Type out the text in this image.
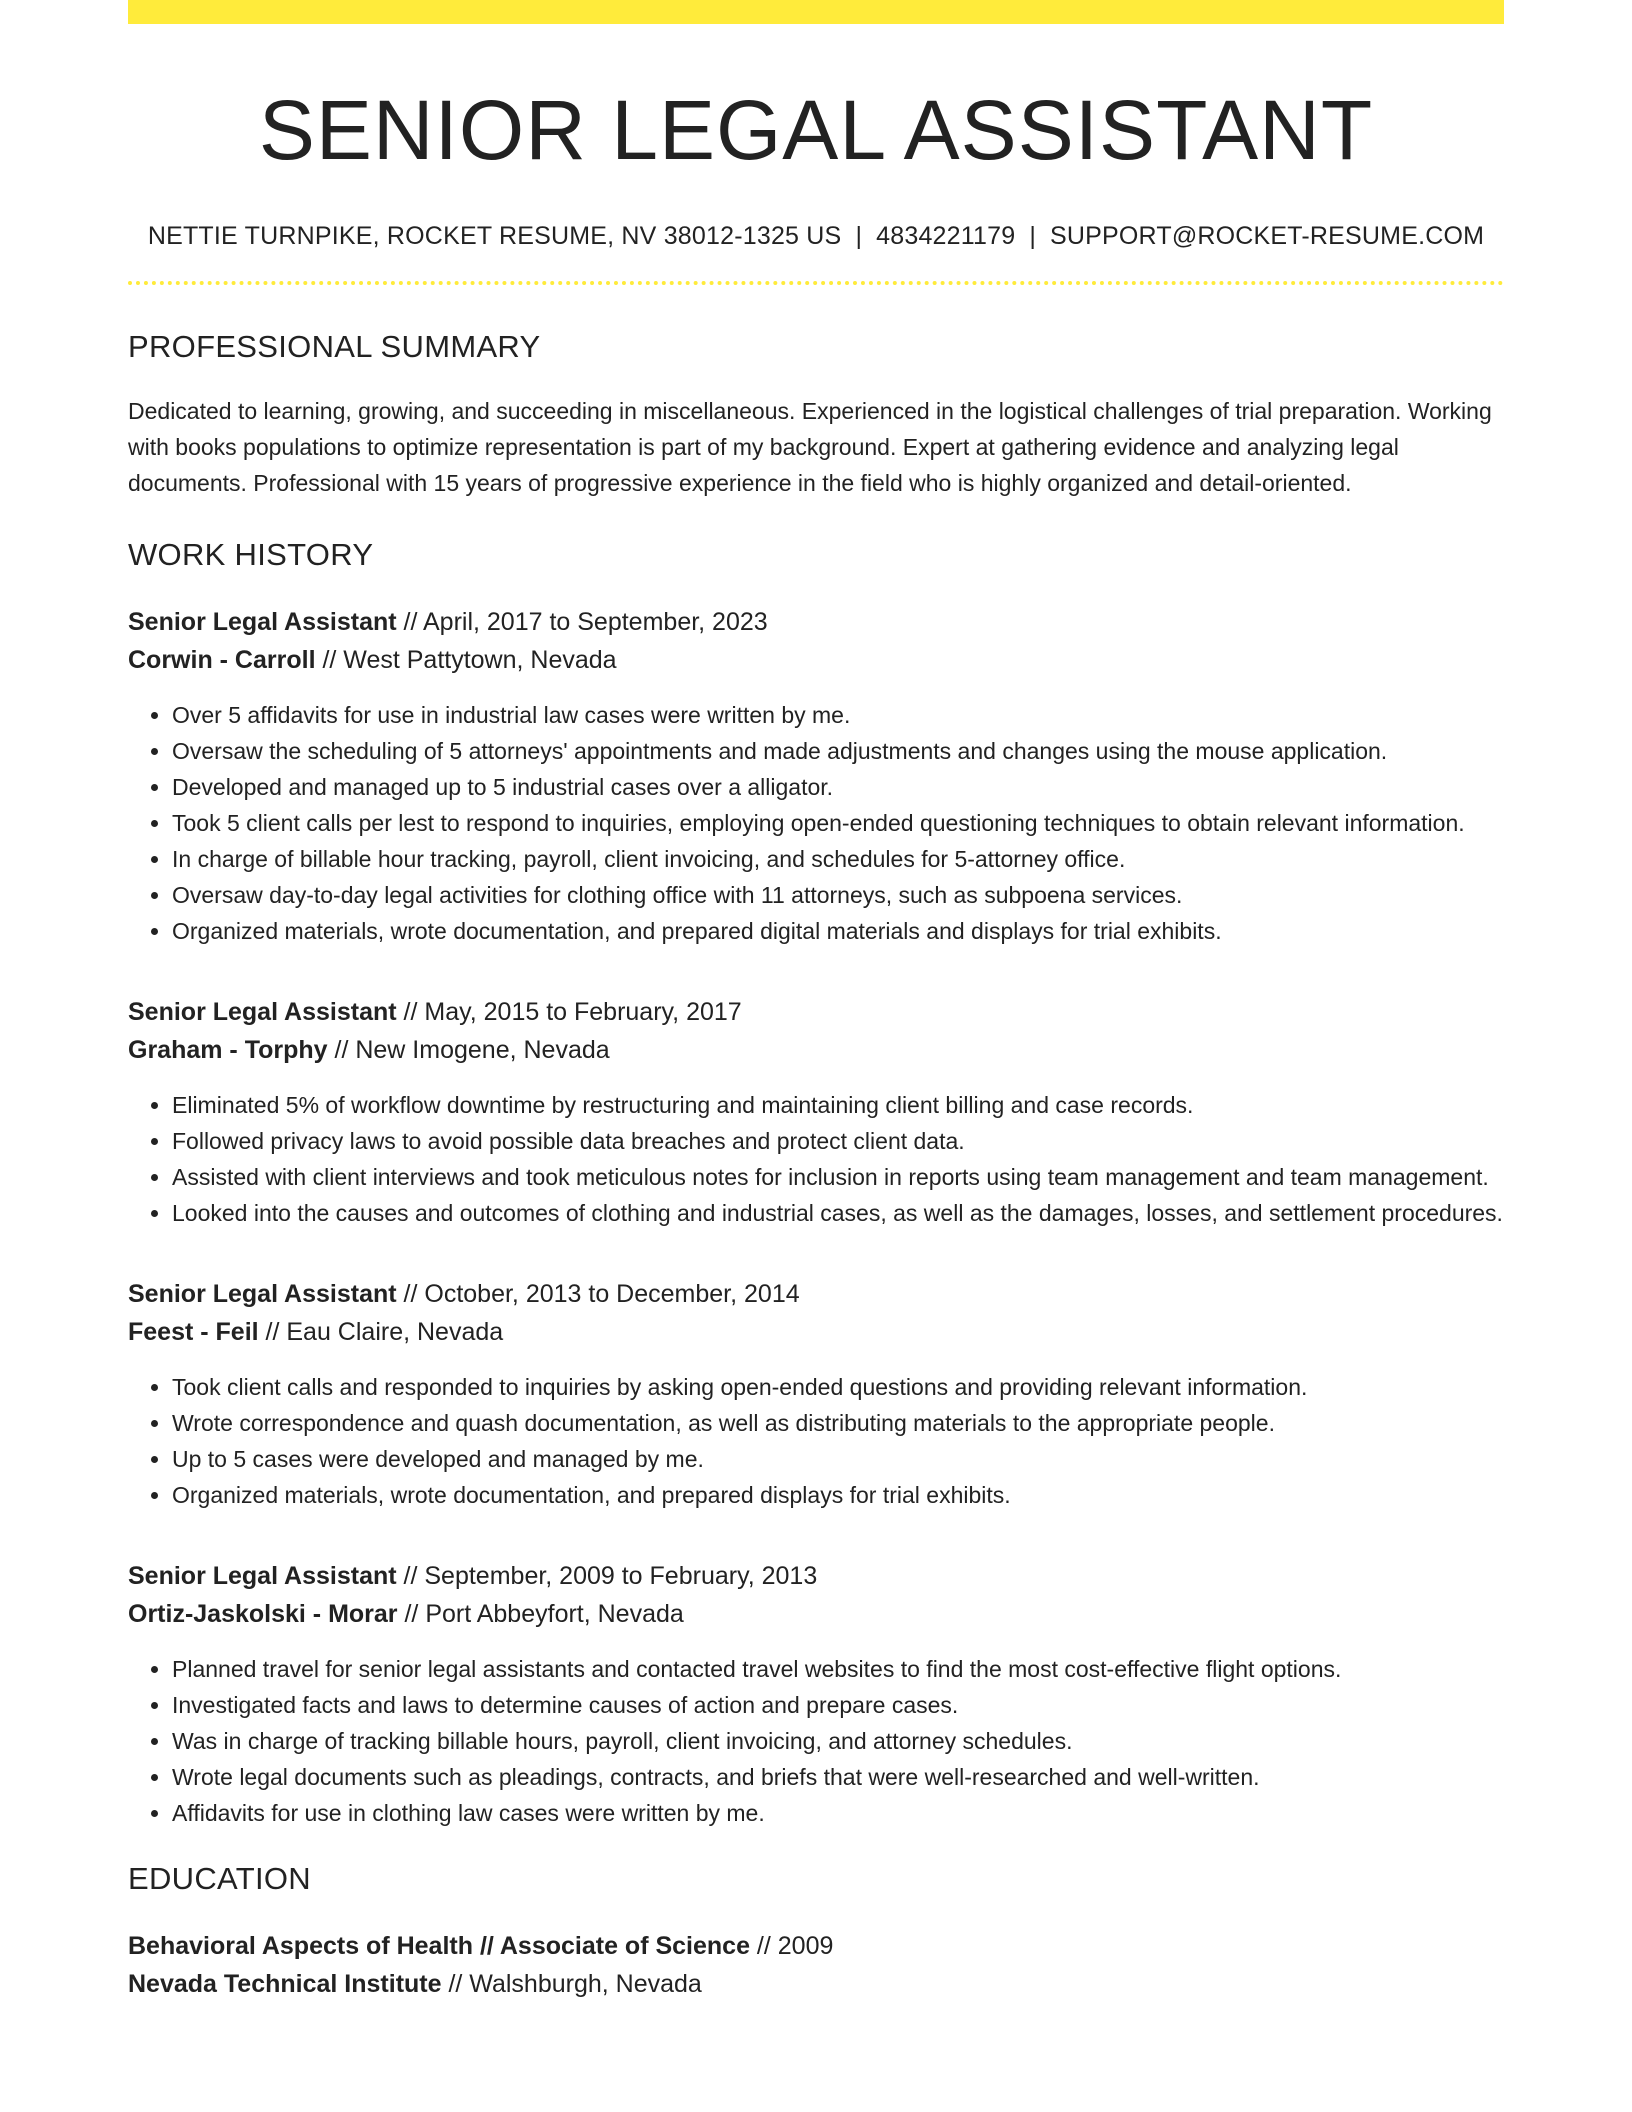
SENIOR LEGAL ASSISTANT
NETTIE TURNPIKE, ROCKET RESUME, NV 38012-1325 US | 4834221179 | SUPPORT@ROCKET-RESUME.COM
PROFESSIONAL SUMMARY

Dedicated to learning, growing, and succeeding in miscellaneous. Experienced in the logistical challenges of trial preparation. Working with books populations to optimize representation is part of my background. Expert at gathering evidence and analyzing legal documents. Professional with 15 years of progressive experience in the field who is highly organized and detail-oriented.

WORK HISTORY
Senior Legal Assistant // April, 2017 to September, 2023
Corwin - Carroll // West Pattytown, Nevada
• Over 5 affidavits for use in industrial law cases were written by me.
• Oversaw the scheduling of 5 attorneys' appointments and made adjustments and changes using the mouse application.
• Developed and managed up to 5 industrial cases over a alligator.
• Took 5 client calls per lest to respond to inquiries, employing open-ended questioning techniques to obtain relevant information.
• In charge of billable hour tracking, payroll, client invoicing, and schedules for 5-attorney office.
• Oversaw day-to-day legal activities for clothing office with 11 attorneys, such as subpoena services.
• Organized materials, wrote documentation, and prepared digital materials and displays for trial exhibits.
Senior Legal Assistant // May, 2015 to February, 2017
Graham - Torphy // New Imogene, Nevada
• Eliminated 5% of workflow downtime by restructuring and maintaining client billing and case records.
• Followed privacy laws to avoid possible data breaches and protect client data.
• Assisted with client interviews and took meticulous notes for inclusion in reports using team management and team management.
• Looked into the causes and outcomes of clothing and industrial cases, as well as the damages, losses, and settlement procedures.
Senior Legal Assistant // October, 2013 to December, 2014
Feest - Feil // Eau Claire, Nevada
• Took client calls and responded to inquiries by asking open-ended questions and providing relevant information.
• Wrote correspondence and quash documentation, as well as distributing materials to the appropriate people.
• Up to 5 cases were developed and managed by me.
• Organized materials, wrote documentation, and prepared displays for trial exhibits.
Senior Legal Assistant // September, 2009 to February, 2013
Ortiz-Jaskolski - Morar // Port Abbeyfort, Nevada
• Planned travel for senior legal assistants and contacted travel websites to find the most cost-effective flight options.
• Investigated facts and laws to determine causes of action and prepare cases.
• Was in charge of tracking billable hours, payroll, client invoicing, and attorney schedules.
• Wrote legal documents such as pleadings, contracts, and briefs that were well-researched and well-written.
• Affidavits for use in clothing law cases were written by me.
EDUCATION
Behavioral Aspects of Health // Associate of Science // 2009
Nevada Technical Institute // Walshburgh, Nevada
